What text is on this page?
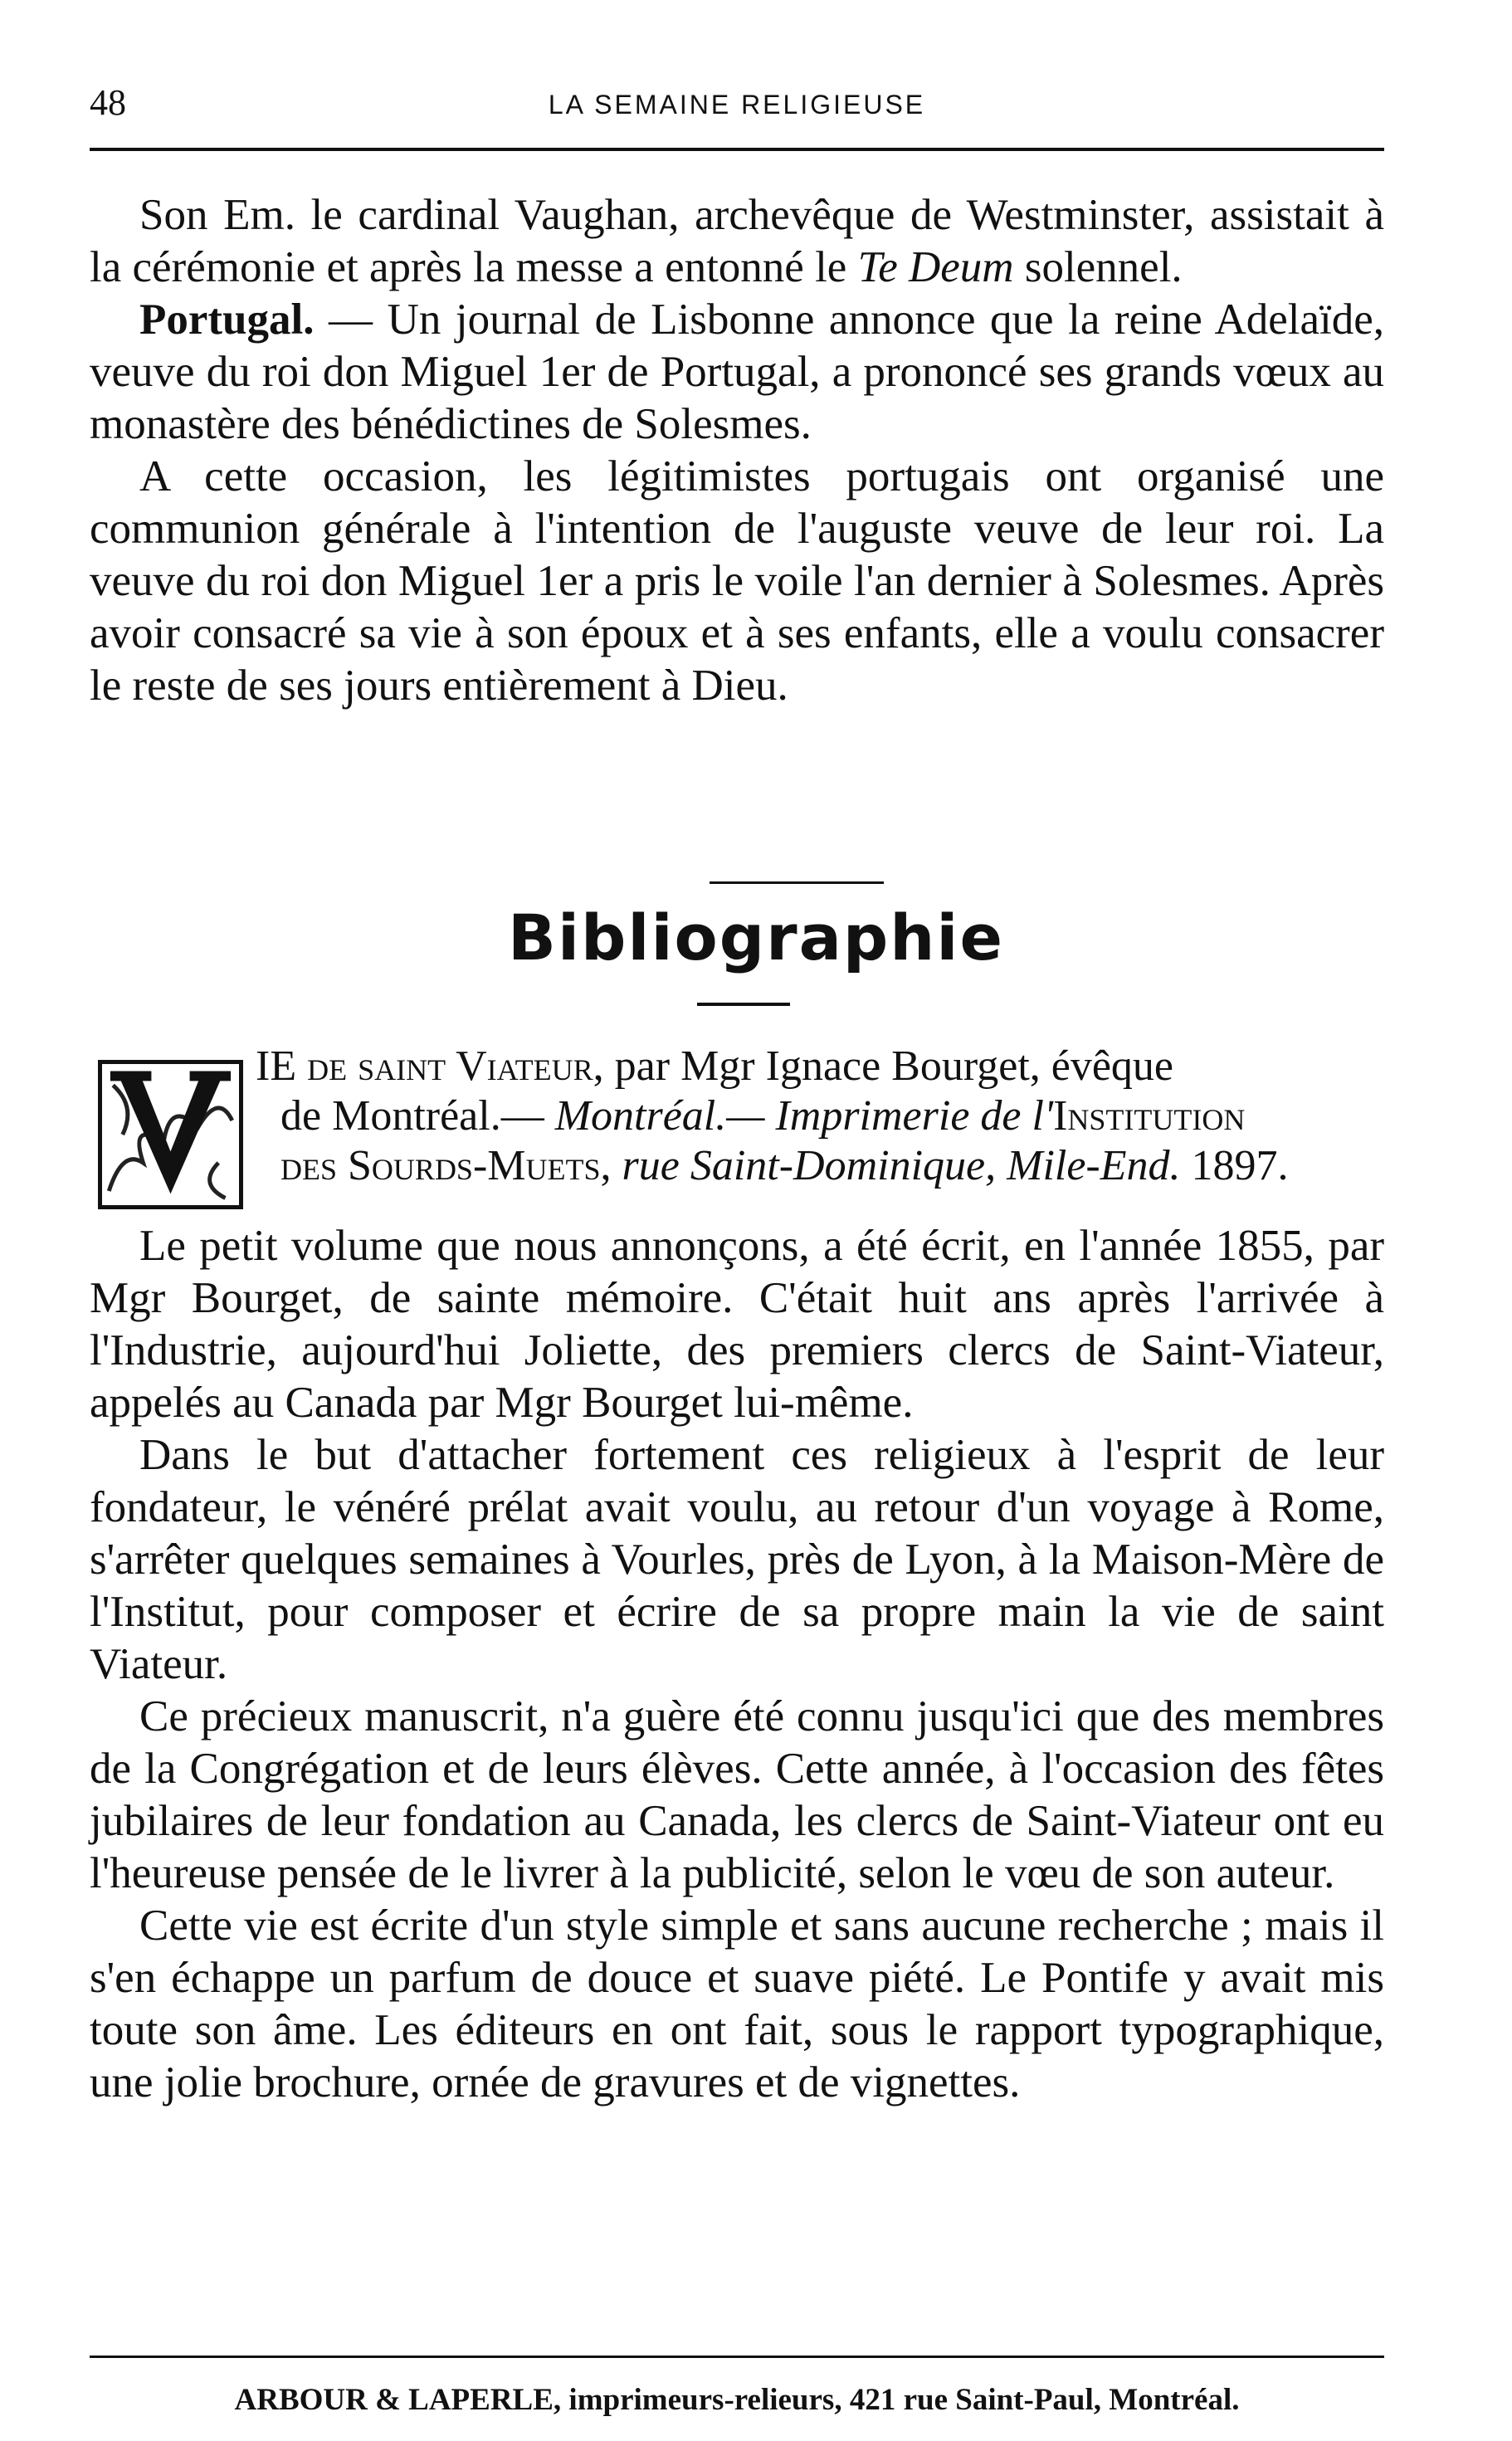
48	LA SEMAINE RELIGIEUSE

Son Em. le cardinal Vaughan, archevêque de Westminster, assistait à la cérémonie et après la messe a entonné le Te Deum solennel.

Portugal. — Un journal de Lisbonne annonce que la reine Adelaïde, veuve du roi don Miguel 1er de Portugal, a prononcé ses grands vœux au monastère des bénédictines de Solesmes.

A cette occasion, les légitimistes portugais ont organisé une communion générale à l'intention de l'auguste veuve de leur roi. La veuve du roi don Miguel 1er a pris le voile l'an dernier à Solesmes. Après avoir consacré sa vie à son époux et à ses enfants, elle a voulu consacrer le reste de ses jours entièrement à Dieu.

Bibliographie
IE de saint Viateur, par Mgr Ignace Bourget, évêque
de Montréal.— Montréal.— Imprimerie de l'Institution
des Sourds-Muets, rue Saint-Dominique, Mile-End. 1897.

Le petit volume que nous annonçons, a été écrit, en l'année 1855, par Mgr Bourget, de sainte mémoire. C'était huit ans après l'arrivée à l'Industrie, aujourd'hui Joliette, des premiers clercs de Saint-Viateur, appelés au Canada par Mgr Bourget lui-même.

Dans le but d'attacher fortement ces religieux à l'esprit de leur fondateur, le vénéré prélat avait voulu, au retour d'un voyage à Rome, s'arrêter quelques semaines à Vourles, près de Lyon, à la Maison-Mère de l'Institut, pour composer et écrire de sa propre main la vie de saint Viateur.

Ce précieux manuscrit, n'a guère été connu jusqu'ici que des membres de la Congrégation et de leurs élèves. Cette année, à l'occasion des fêtes jubilaires de leur fondation au Canada, les clercs de Saint-Viateur ont eu l'heureuse pensée de le livrer à la publicité, selon le vœu de son auteur.

Cette vie est écrite d'un style simple et sans aucune recherche ; mais il s'en échappe un parfum de douce et suave piété. Le Pontife y avait mis toute son âme. Les éditeurs en ont fait, sous le rapport typographique, une jolie brochure, ornée de gravures et de vignettes.

ARBOUR & LAPERLE, imprimeurs-relieurs, 421 rue Saint-Paul, Montréal.
